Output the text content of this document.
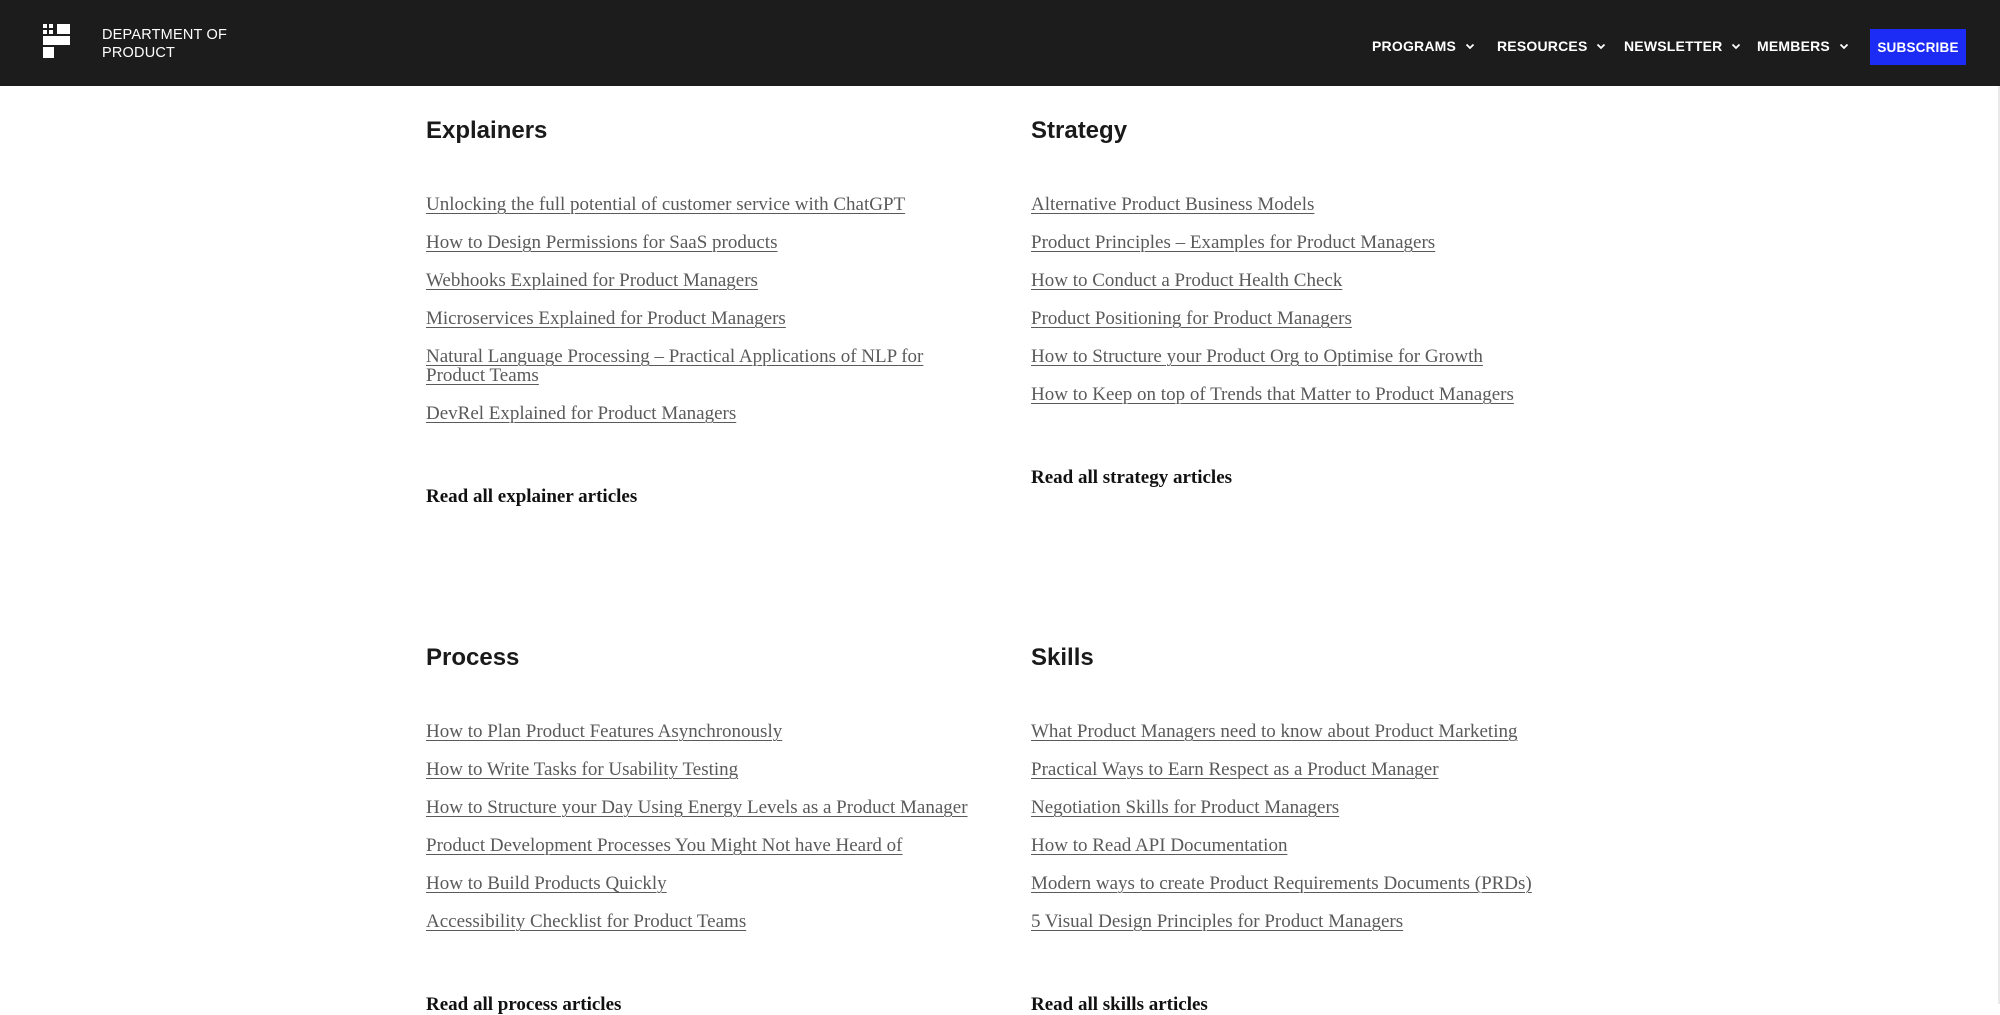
DEPARTMENT OF
PRODUCT	PROGRAMS	RESOURCES	NEWSLETTER MEMBERS	SUBSCRIBE
Explainers
Unlocking the full potential of customer service with ChatGPT
How to Design Permissions for SaaS products
Webhooks Explained for Product Managers
Microservices Explained for Product Managers
Natural Language Processing – Practical Applications of NLP for Product Teams
DevRel Explained for Product Managers
Read all explainer articles
Strategy
Alternative Product Business Models
Product Principles – Examples for Product Managers
How to Conduct a Product Health Check
Product Positioning for Product Managers
How to Structure your Product Org to Optimise for Growth
How to Keep on top of Trends that Matter to Product Managers
Read all strategy articles
Process
How to Plan Product Features Asynchronously
How to Write Tasks for Usability Testing
How to Structure your Day Using Energy Levels as a Product Manager
Product Development Processes You Might Not have Heard of
How to Build Products Quickly
Accessibility Checklist for Product Teams
Read all process articles
Skills
What Product Managers need to know about Product Marketing
Practical Ways to Earn Respect as a Product Manager
Negotiation Skills for Product Managers
How to Read API Documentation
Modern ways to create Product Requirements Documents (PRDs)
5 Visual Design Principles for Product Managers
Read all skills articles
